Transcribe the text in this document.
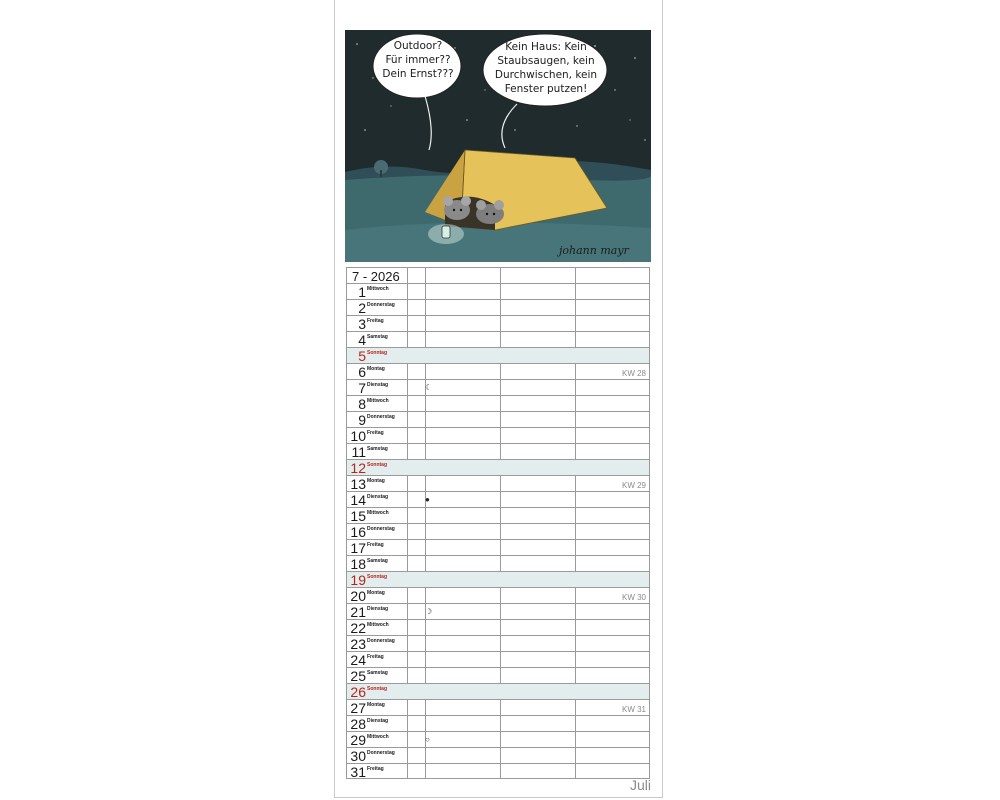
Outdoor?
Für immer??
Dein Ernst???
Kein Haus: Kein
Staubsaugen, kein
Durchwischen, kein
Fenster putzen!
johann mayr
7 - 2026
1 Mittwoch
2 Donnerstag
3 Freitag
4 Samstag
5 Sonntag
6 Montag	KW 28
7 Dienstag	☾
8 Mittwoch
9 Donnerstag
10 Freitag
11 Samstag
12 Sonntag
13 Montag	KW 29
14 Dienstag	●
15 Mittwoch
16 Donnerstag
17 Freitag
18 Samstag
19 Sonntag
20 Montag	KW 30
21 Dienstag	☽
22 Mittwoch
23 Donnerstag
24 Freitag
25 Samstag
26 Sonntag
27 Montag	KW 31
28 Dienstag
29 Mittwoch	○
30 Donnerstag
31 Freitag
Juli
